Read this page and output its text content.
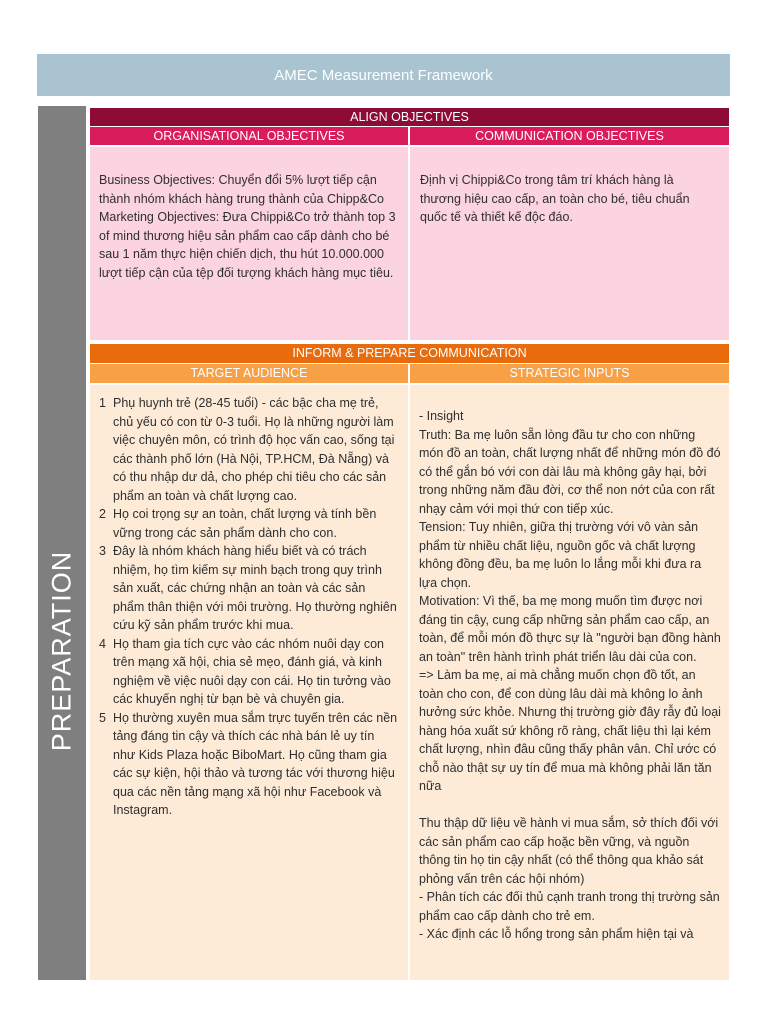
AMEC Measurement Framework
PREPARATION
ALIGN OBJECTIVES
ORGANISATIONAL OBJECTIVES	COMMUNICATION OBJECTIVES

Business Objectives: Chuyển đổi 5% lượt tiếp cận thành nhóm khách hàng trung thành của Chipp&Co

Marketing Objectives: Đưa Chippi&Co trở thành top 3 of mind thương hiệu sản phẩm cao cấp dành cho bé sau 1 năm thực hiện chiến dịch, thu hút 10.000.000 lượt tiếp cận của tệp đối tượng khách hàng mục tiêu.

Định vị Chippi&Co trong tâm trí khách hàng là thương hiệu cao cấp, an toàn cho bé, tiêu chuẩn quốc tế và thiết kế độc đáo.

INFORM & PREPARE COMMUNICATION
TARGET AUDIENCE	STRATEGIC INPUTS
1 Phụ huynh trẻ (28-45 tuổi) - các bậc cha mẹ trẻ, chủ yếu có con từ 0-3 tuổi. Họ là những người làm việc chuyên môn, có trình độ học vấn cao, sống tại các thành phố lớn (Hà Nội, TP.HCM, Đà Nẵng) và có thu nhập dư dả, cho phép chi tiêu cho các sản phẩm an toàn và chất lượng cao.
2 Họ coi trọng sự an toàn, chất lượng và tính bền vững trong các sản phẩm dành cho con.
3 Đây là nhóm khách hàng hiểu biết và có trách nhiệm, họ tìm kiếm sự minh bạch trong quy trình sản xuất, các chứng nhận an toàn và các sản phẩm thân thiện với môi trường. Họ thường nghiên cứu kỹ sản phẩm trước khi mua.
4 Họ tham gia tích cực vào các nhóm nuôi dạy con trên mạng xã hội, chia sẻ mẹo, đánh giá, và kinh nghiệm về việc nuôi dạy con cái. Họ tin tưởng vào các khuyến nghị từ bạn bè và chuyên gia.
5 Họ thường xuyên mua sắm trực tuyến trên các nền tảng đáng tin cậy và thích các nhà bán lẻ uy tín như Kids Plaza hoặc BiboMart. Họ cũng tham gia các sự kiện, hội thảo và tương tác với thương hiệu qua các nền tảng mạng xã hội như Facebook và Instagram.

- Insight

Truth: Ba mẹ luôn sẵn lòng đầu tư cho con những món đồ an toàn, chất lượng nhất để những món đồ đó có thể gắn bó với con dài lâu mà không gây hại, bởi trong những năm đầu đời, cơ thể non nớt của con rất nhạy cảm với mọi thứ con tiếp xúc.

Tension: Tuy nhiên, giữa thị trường với vô vàn sản phẩm từ nhiều chất liệu, nguồn gốc và chất lượng không đồng đều, ba mẹ luôn lo lắng mỗi khi đưa ra lựa chọn.

Motivation: Vì thế, ba mẹ mong muốn tìm được nơi đáng tin cậy, cung cấp những sản phẩm cao cấp, an toàn, để mỗi món đồ thực sự là "người bạn đồng hành an toàn" trên hành trình phát triển lâu dài của con.

=> Làm ba mẹ, ai mà chẳng muốn chọn đồ tốt, an toàn cho con, để con dùng lâu dài mà không lo ảnh hưởng sức khỏe. Nhưng thị trường giờ đây rẫy đủ loại hàng hóa xuất sứ không rõ ràng, chất liệu thì lại kém chất lượng, nhìn đâu cũng thấy phân vân. Chỉ ước có chỗ nào thật sự uy tín để mua mà không phải lăn tăn nữa

Thu thập dữ liệu về hành vi mua sắm, sở thích đối với các sản phẩm cao cấp hoặc bền vững, và nguồn thông tin họ tin cậy nhất (có thể thông qua khảo sát phỏng vấn trên các hội nhóm)

- Phân tích các đối thủ cạnh tranh trong thị trường sản phẩm cao cấp dành cho trẻ em.

- Xác định các lỗ hổng trong sản phẩm hiện tại và
